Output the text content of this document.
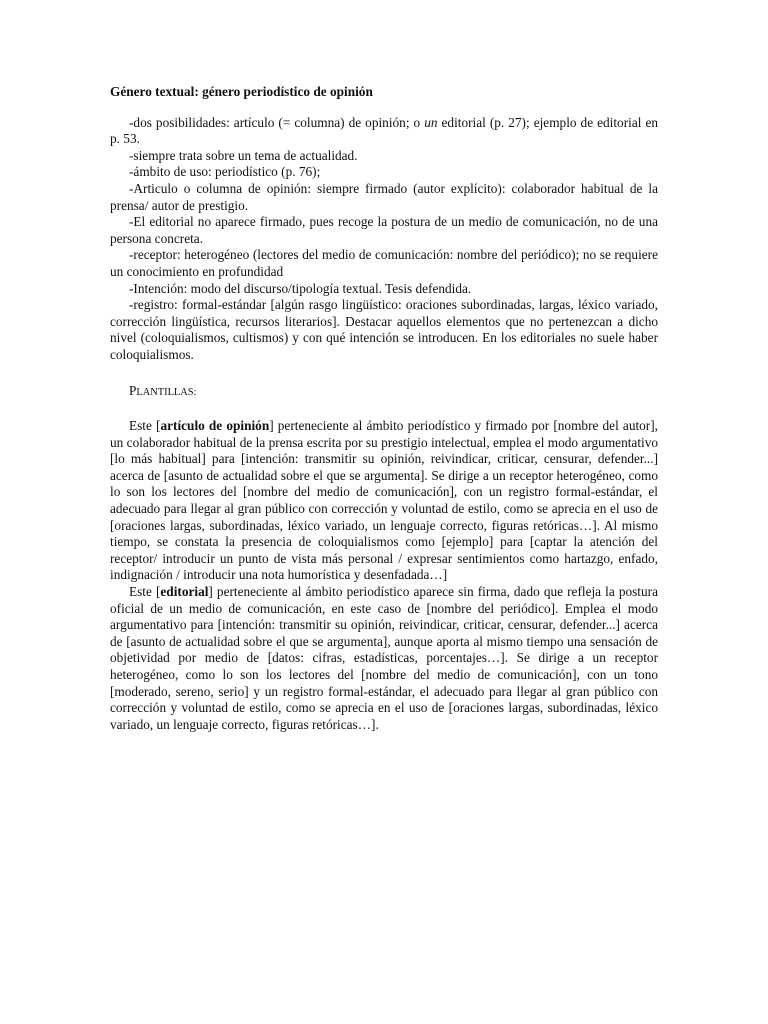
Género textual: género periodístico de opinión

-dos posibilidades: artículo (= columna) de opinión; o un editorial (p. 27); ejemplo de editorial en p. 53.

-siempre trata sobre un tema de actualidad.

-ámbito de uso: periodístico (p. 76);

-Articulo o columna de opinión: siempre firmado (autor explícito): colaborador habitual de la prensa/ autor de prestigio.

-El editorial no aparece firmado, pues recoge la postura de un medio de comunicación, no de una persona concreta.

-receptor: heterogéneo (lectores del medio de comunicación: nombre del periódico); no se requiere un conocimiento en profundidad

-Intención: modo del discurso/tipología textual. Tesis defendida.

-registro: formal-estándar [algún rasgo lingüístico: oraciones subordinadas, largas, léxico variado, corrección lingüística, recursos literarios]. Destacar aquellos elementos que no pertenezcan a dicho nivel (coloquialismos, cultismos) y con qué intención se introducen. En los editoriales no suele haber coloquialismos.

PLANTILLAS:

Este [artículo de opinión] perteneciente al ámbito periodístico y firmado por [nombre del autor], un colaborador habitual de la prensa escrita por su prestigio intelectual, emplea el modo argumentativo [lo más habitual] para [intención: transmitir su opinión, reivindicar, criticar, censurar, defender...] acerca de [asunto de actualidad sobre el que se argumenta]. Se dirige a un receptor heterogéneo, como lo son los lectores del [nombre del medio de comunicación], con un registro formal-estándar, el adecuado para llegar al gran público con corrección y voluntad de estilo, como se aprecia en el uso de [oraciones largas, subordinadas, léxico variado, un lenguaje correcto, figuras retóricas…]. Al mismo tiempo, se constata la presencia de coloquialismos como [ejemplo] para [captar la atención del receptor/ introducir un punto de vista más personal / expresar sentimientos como hartazgo, enfado, indignación / introducir una nota humorística y desenfadada…]

Este [editorial] perteneciente al ámbito periodístico aparece sin firma, dado que refleja la postura oficial de un medio de comunicación, en este caso de [nombre del periódico]. Emplea el modo argumentativo para [intención: transmitir su opinión, reivindicar, criticar, censurar, defender...] acerca de [asunto de actualidad sobre el que se argumenta], aunque aporta al mismo tiempo una sensación de objetividad por medio de [datos: cifras, estadísticas, porcentajes…]. Se dirige a un receptor heterogéneo, como lo son los lectores del [nombre del medio de comunicación], con un tono [moderado, sereno, serio] y un registro formal-estándar, el adecuado para llegar al gran público con corrección y voluntad de estilo, como se aprecia en el uso de [oraciones largas, subordinadas, léxico variado, un lenguaje correcto, figuras retóricas…].
